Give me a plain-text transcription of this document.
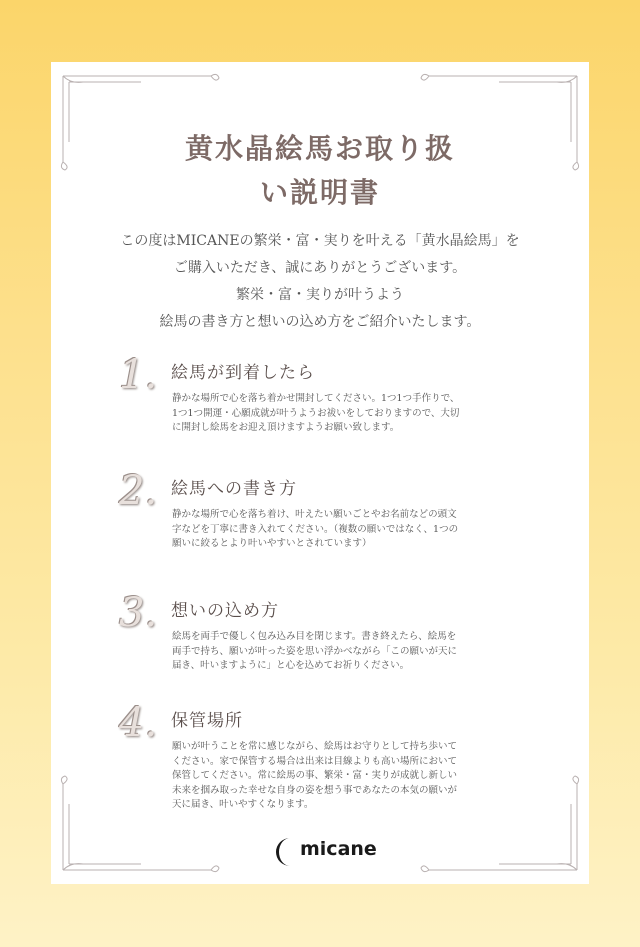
黄水晶絵馬お取り扱
い説明書
この度はMICANEの繁栄・富・実りを叶える「黄水晶絵馬」を
ご購入いただき、誠にありがとうございます。
繁栄・富・実りが叶うよう
絵馬の書き方と想いの込め方をご紹介いたします。
1. 絵馬が到着したら

静かな場所で心を落ち着かせ開封してください。1つ1つ手作りで、
1つ1つ開運・心願成就が叶うようお祓いをしておりますので、大切
に開封し絵馬をお迎え頂けますようお願い致します。

2. 絵馬への書き方

静かな場所で心を落ち着け、叶えたい願いごとやお名前などの頭文
字などを丁寧に書き入れてください。（複数の願いではなく、1つの
願いに絞るとより叶いやすいとされています）

3. 想いの込め方

絵馬を両手で優しく包み込み目を閉じます。書き終えたら、絵馬を
両手で持ち、願いが叶った姿を思い浮かべながら「この願いが天に
届き、叶いますように」と心を込めてお祈りください。

4. 保管場所

願いが叶うことを常に感じながら、絵馬はお守りとして持ち歩いて
ください。家で保管する場合は出来は目線よりも高い場所において
保管してください。常に絵馬の事、繁栄・富・実りが成就し新しい
未来を掴み取った幸せな自身の姿を想う事であなたの本気の願いが
天に届き、叶いやすくなります。

micane
